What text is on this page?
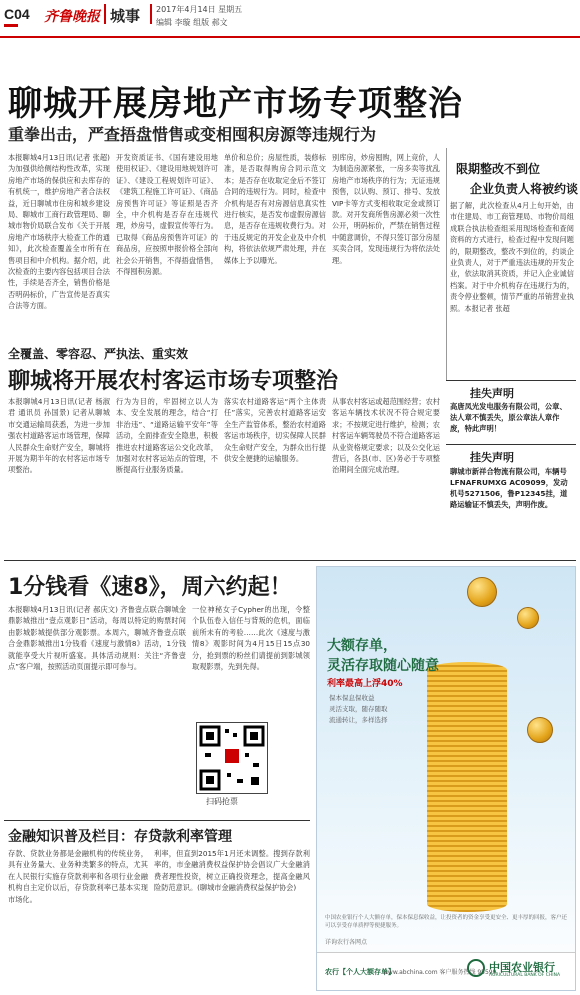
C04 齐鲁晚报 城事 2017年4月14日 星期五
编辑 李璇 组版 郝文
聊城开展房地产市场专项整治
重拳出击，严查捂盘惜售或变相囤积房源等违规行为
本报聊城4月13日讯(记者 张超) 为加强供给侧结构性改革，实现房地产市场的保供应和去库存的有机统一，维护房地产者合法权益，近日聊城市住房和城乡建设局、聊城市工商行政管理局、聊城市物价局联合发布《关于开展房地产市场秩序大检查工作的通知》，此次检查覆盖全市所有在售项目和中介机构。据介绍，此次检查的主要内容包括项目合法性，手续是否齐全，销售价格是否明码标价，广告宣传是否真实合法等方面。
开发资质证书、《国有建设用地使用权证》、《建设用地规划许可证》、《建设工程规划许可证》、《建筑工程施工许可证》、《商品房预售许可证》等证照是否齐全，中介机构是否存在违规代理，炒房号，虚假宣传等行为。已取得《商品房预售许可证》的商品房，应按照申报价格全部向社会公开销售，不得捂盘惜售，不得囤积房源。
单价和总价；房屋性质，装修标准，是否取得购房合同示范文本；是否存在收取定金后不签订合同的违规行为。同时，检查中介机构是否有对房源信息真实性进行核实，是否发布虚假房源信息，是否存在违规收费行为。对于违反规定的开发企业及中介机构，将依法依规严肃处理，并在媒体上予以曝光。
别库房，炒房囤购，网上竞价，人为制造房源紧张，一房多卖等扰乱房地产市场秩序的行为；无证违规预售，以认购、预订、排号、发放VIP卡等方式变相收取定金或预订款。对开发商所售房源必须一次性公开，明码标价，严禁在销售过程中随意调价，不得只签订部分房屋买卖合同，发现违规行为将依法处理。
限期整改不到位
企业负责人将被约谈
据了解，此次检查从4月上旬开始，由市住建局、市工商管理局、市物价局组成联合执法检查组采用现场检查和查阅资料的方式进行，检查过程中发现问题的，限期整改，整改不到位的，约谈企业负责人，对于严重违法违规的开发企业，依法取消其资质，并记入企业诚信档案。对于中介机构存在违规行为的，责令停业整顿，情节严重的吊销营业执照。本报记者 张超
全覆盖、零容忍、严执法、重实效
聊城将开展农村客运市场专项整治
本报聊城4月13日讯(记者 杨淑君 通讯员 孙国景) 记者从聊城市交通运输局获悉，为进一步加强农村道路客运市场管理，保障人民群众生命财产安全，聊城将开展为期半年的农村客运市场专项整治。
行为为目的，牢固树立以人为本、安全发展的理念，结合“打非治违”、“道路运输平安年”等活动，全面排查安全隐患，积极推进农村道路客运公交化改革，加强对农村客运站点的管理，不断提高行业服务质量。
落实农村道路客运“两个主体责任”落实，完善农村道路客运安全生产监管体系，整治农村道路客运市场秩序，切实保障人民群众生命财产安全，为群众出行提供安全便捷的运输服务。
从事农村客运或超范围经营；农村客运车辆技术状况不符合规定要求；不按规定进行维护，检测；农村客运车辆驾驶员不符合道路客运从业资格规定要求；以及公交化运营后，各县(市、区)务必于专项整治期间全面完成治理。
挂失声明
高唐凤光发电服务有限公司，公章、法人章不慎丢失，原公章法人章作废，特此声明！
挂失声明
聊城市新祥合物流有限公司，车辆号LFNAFRUMXG AC09099，发动机号5271506，鲁P12345挂，道路运输证不慎丢失，声明作废。
1分钱看《速8》，周六约起！
本报聊城4月13日讯(记者 郝庆文) 齐鲁壹点联合聊城金鼎影城推出“壹点观影日”活动，每周以特定的购票时间由影城影城提供部分观影票。本周六，聊城齐鲁壹点联合金鼎影城推出1分钱看《速度与激情8》活动，1分钱就能享受大片视听盛宴。具体活动规则：关注“齐鲁壹点”客户端，按照活动页面提示即可参与。
一位神秘女子Cypher的出现，令整个队伍卷入信任与背叛的危机，面临前所未有的考验……此次《速度与激情8》观影时间为4月15日15点30分，抢到票的粉丝们请提前到影城领取观影票，先到先得。
扫码抢票
金融知识普及栏目：存贷款利率管理
存款、贷款业务都是金融机构的传统业务，具有业务量大、业务种类繁多的特点，尤其在人民银行实施存贷款利率和各项行业金融机构自主定价以后，存贷款利率已基本实现市场化。
利率，但直到2015年1月还未调整。搜到存款利率的，市金融消费权益保护协会倡议广大金融消费者理性投资，树立正确投资理念，提高金融风险防范意识。(聊城市金融消费权益保护协会)
大额存单，
灵活存取随心随意
利率最高上浮40%
保本保息保收益
灵活支取，随存随取
流通转让，多样选择
中国农业银行个人大额存单，保本保息保收益，让投资者的资金享受更安全、更丰厚的回报，客户还可以享受存单质押等便捷服务。
详询农行各网点
农行【个人大额存单】
www.abchina.com 客户服务热线 95599
中国农业银行
AGRICULTURAL BANK OF CHINA
